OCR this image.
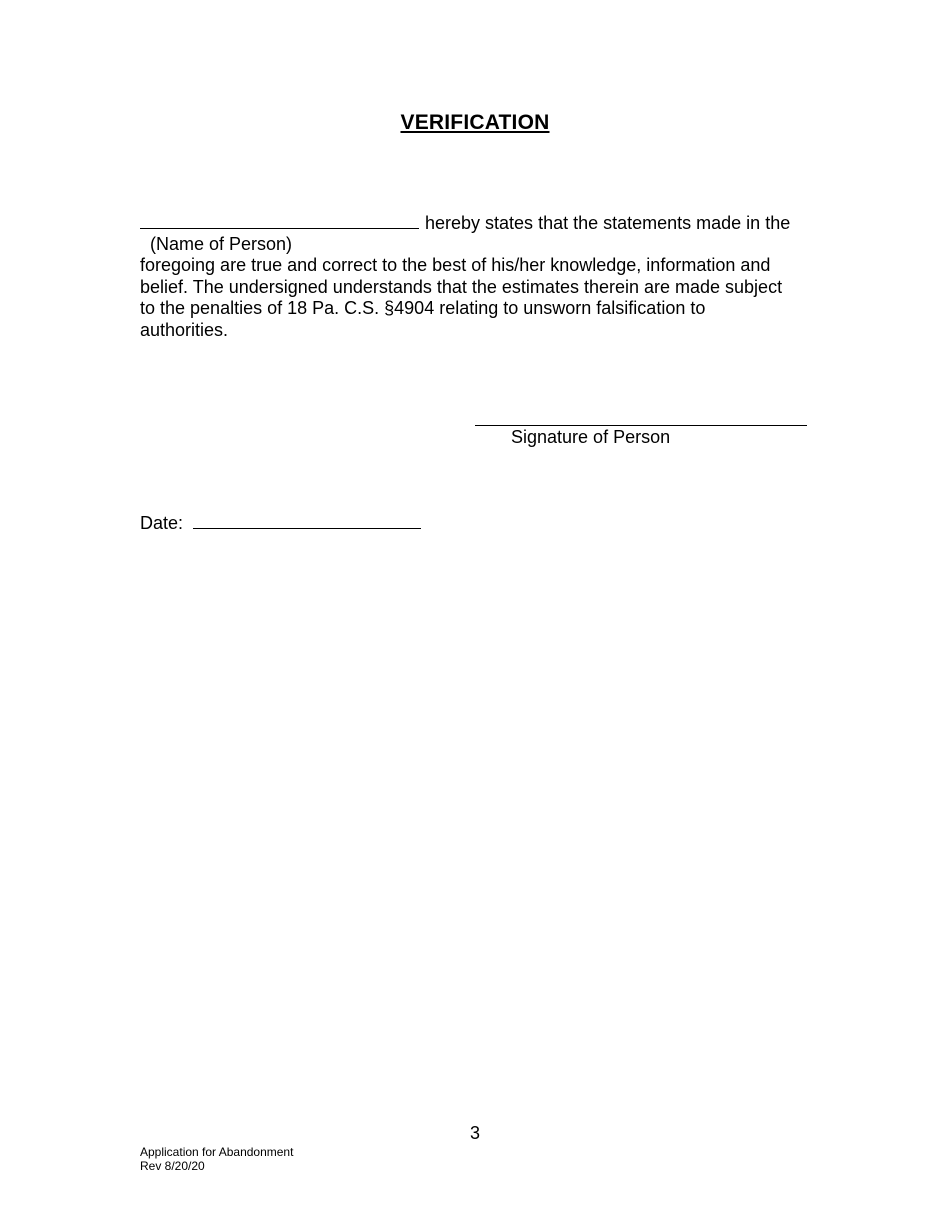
VERIFICATION
hereby states that the statements made in the
(Name of Person)
foregoing are true and correct to the best of his/her knowledge, information and
belief. The undersigned understands that the estimates therein are made subject
to the penalties of 18 Pa. C.S. §4904 relating to unsworn falsification to
authorities.
Signature of Person
Date:
3
Application for Abandonment
Rev 8/20/20
